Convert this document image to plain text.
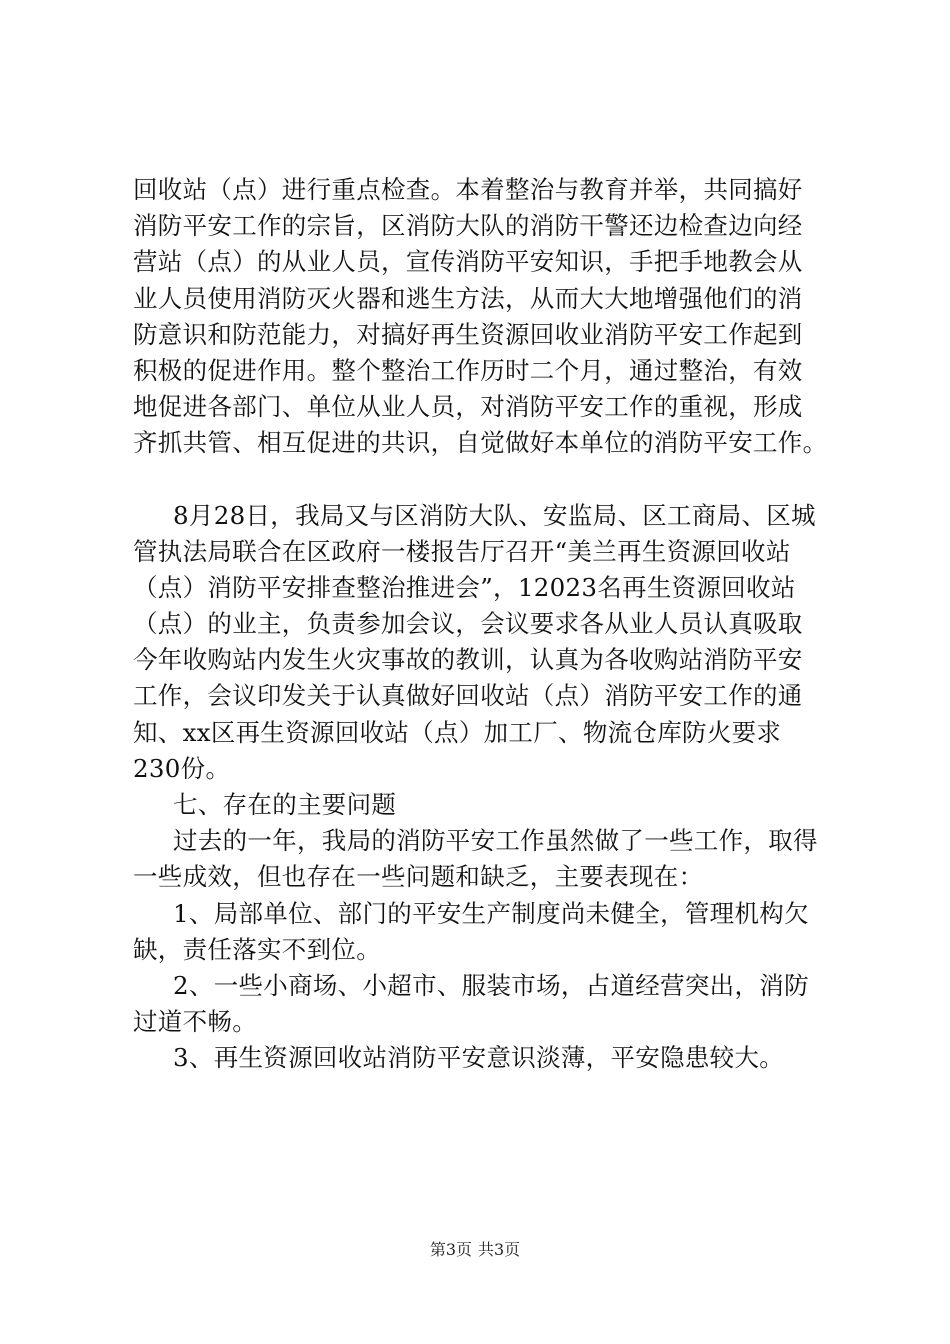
回收站（点）进行重点检查。本着整治与教育并举，共同搞好
消防平安工作的宗旨，区消防大队的消防干警还边检查边向经
营站（点）的从业人员，宣传消防平安知识，手把手地教会从
业人员使用消防灭火器和逃生方法，从而大大地增强他们的消
防意识和防范能力，对搞好再生资源回收业消防平安工作起到
积极的促进作用。整个整治工作历时二个月，通过整治，有效
地促进各部门、单位从业人员，对消防平安工作的重视，形成
齐抓共管、相互促进的共识，自觉做好本单位的消防平安工作。
8月28日，我局又与区消防大队、安监局、区工商局、区城
管执法局联合在区政府一楼报告厅召开“美兰再生资源回收站
（点）消防平安排查整治推进会”，12023名再生资源回收站
（点）的业主，负责参加会议，会议要求各从业人员认真吸取
今年收购站内发生火灾事故的教训，认真为各收购站消防平安
工作，会议印发关于认真做好回收站（点）消防平安工作的通
知、xx区再生资源回收站（点）加工厂、物流仓库防火要求
230份。
七、存在的主要问题
过去的一年，我局的消防平安工作虽然做了一些工作，取得
一些成效，但也存在一些问题和缺乏，主要表现在：
1、局部单位、部门的平安生产制度尚未健全，管理机构欠
缺，责任落实不到位。
2、一些小商场、小超市、服装市场，占道经营突出，消防
过道不畅。
3、再生资源回收站消防平安意识淡薄，平安隐患较大。
第3页 共3页
